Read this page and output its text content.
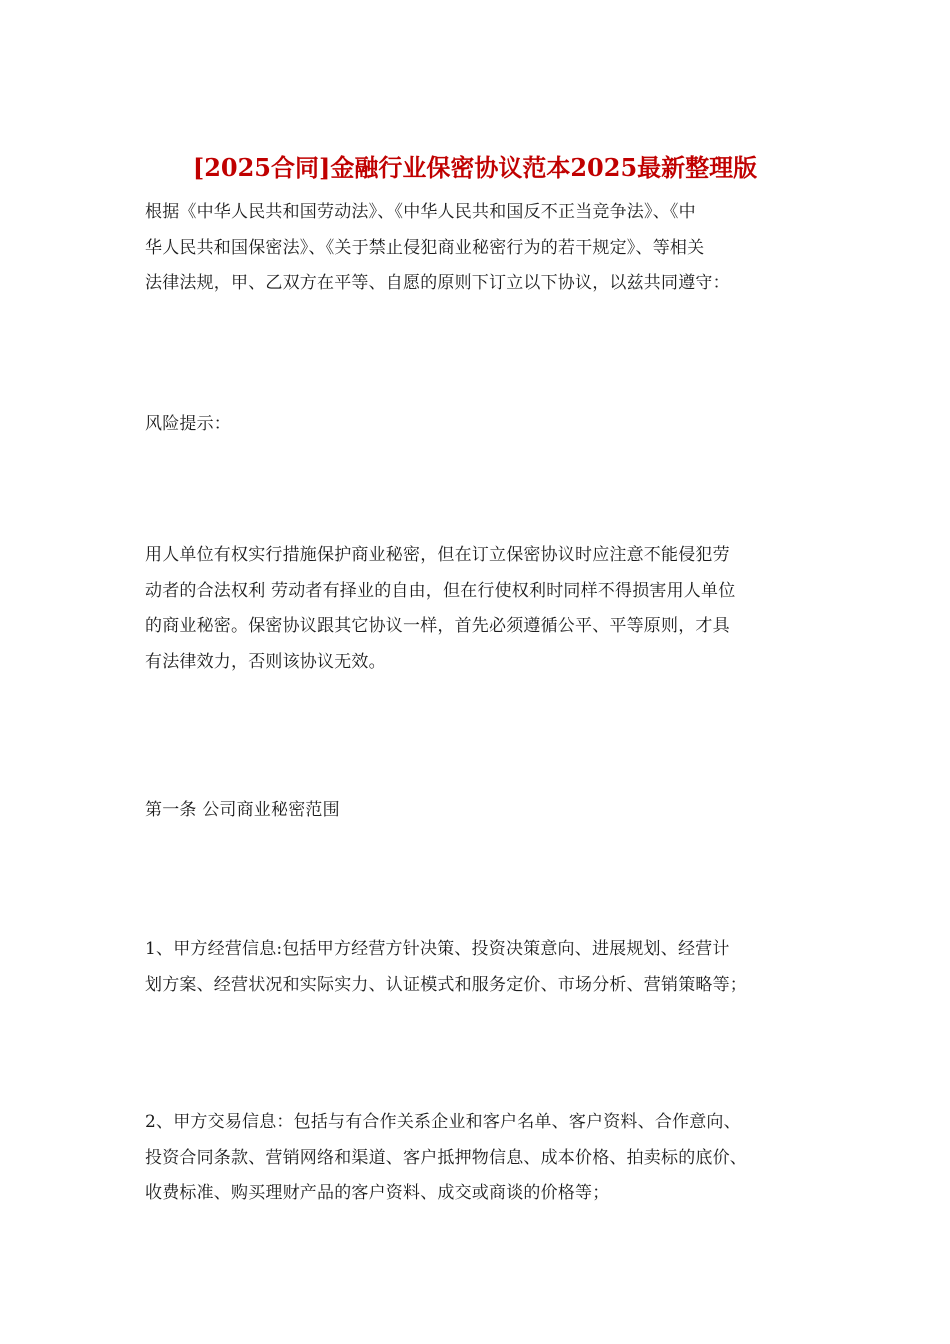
[2025合同]金融行业保密协议范本2025最新整理版
根据《中华人民共和国劳动法》、《中华人民共和国反不正当竞争法》、《中
华人民共和国保密法》、《关于禁止侵犯商业秘密行为的若干规定》、等相关
法律法规，甲、乙双方在平等、自愿的原则下订立以下协议，以兹共同遵守：
风险提示：
用人单位有权实行措施保护商业秘密，但在订立保密协议时应注意不能侵犯劳
动者的合法权利 劳动者有择业的自由，但在行使权利时同样不得损害用人单位
的商业秘密。保密协议跟其它协议一样，首先必须遵循公平、平等原则，才具
有法律效力，否则该协议无效。
第一条 公司商业秘密范围
1、甲方经营信息:包括甲方经营方针决策、投资决策意向、进展规划、经营计
划方案、经营状况和实际实力、认证模式和服务定价、市场分析、营销策略等；
2、甲方交易信息：包括与有合作关系企业和客户名单、客户资料、合作意向、
投资合同条款、营销网络和渠道、客户抵押物信息、成本价格、拍卖标的底价、
收费标准、购买理财产品的客户资料、成交或商谈的价格等；
